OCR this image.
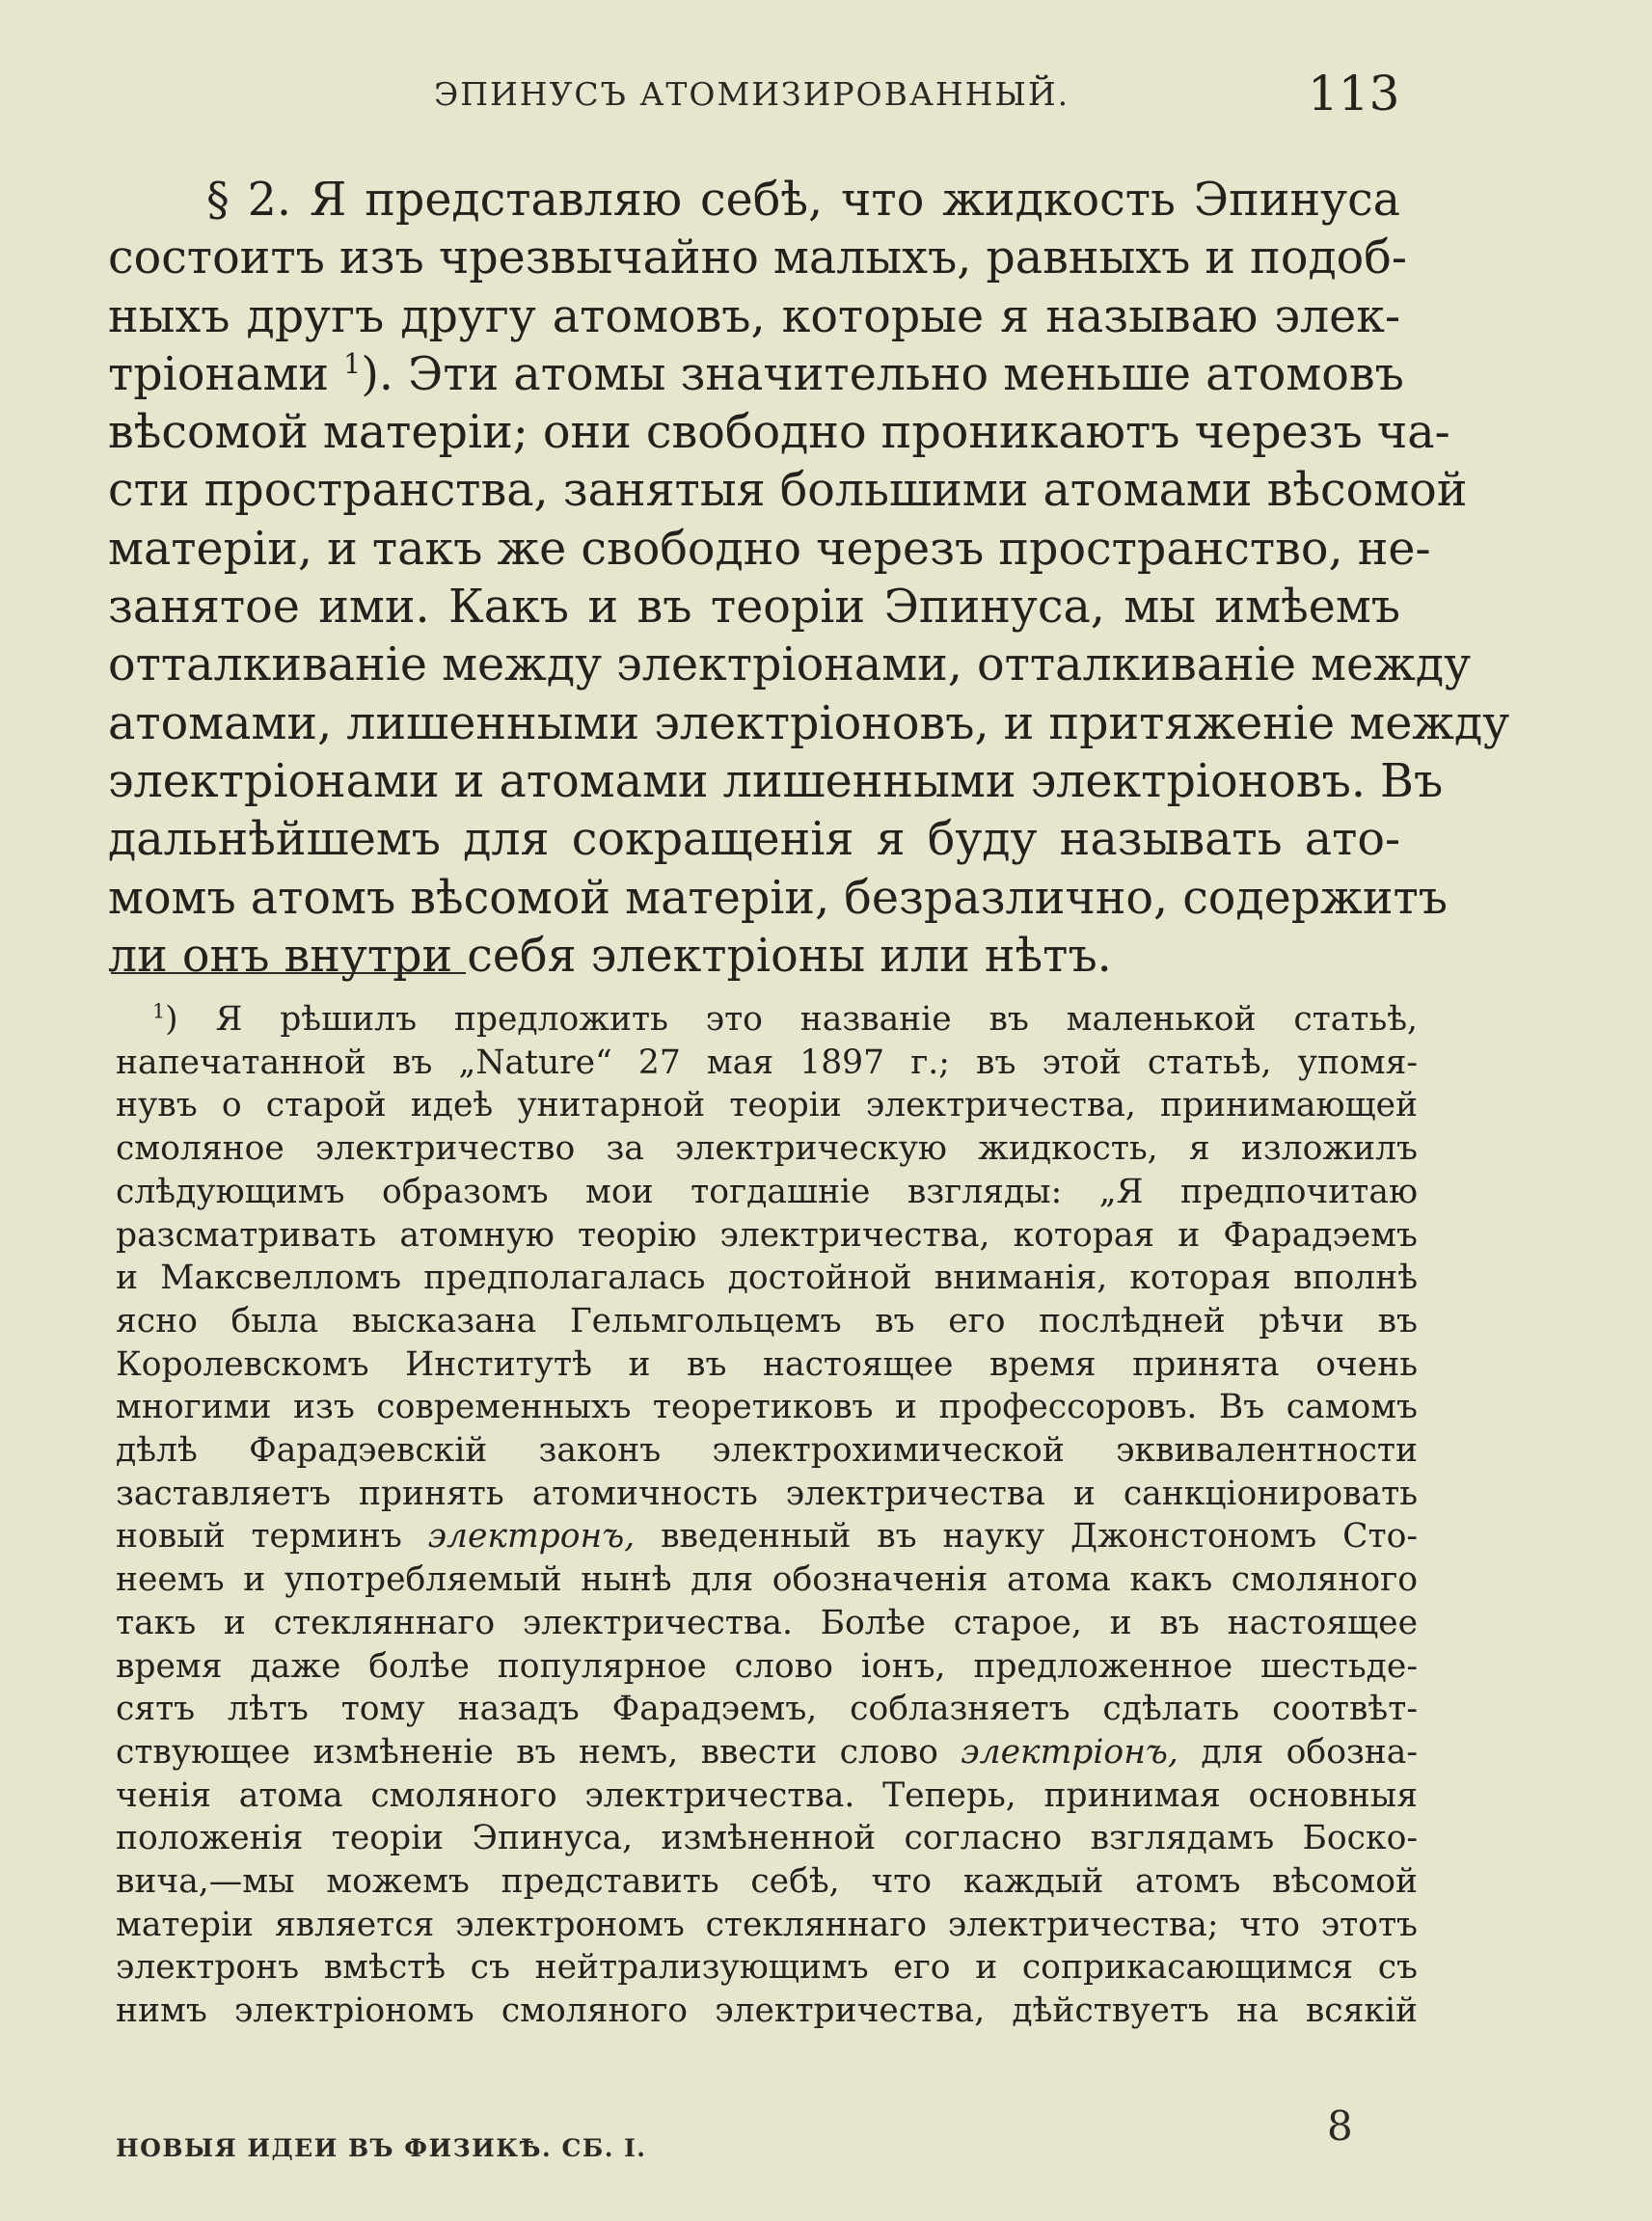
ЭПИНУСЪ АТОМИЗИРОВАННЫЙ.	113
§ 2. Я представляю себѣ, что жидкость Эпинуса
состоитъ изъ чрезвычайно малыхъ, равныхъ и подоб-
ныхъ другъ другу атомовъ, которые я называю элек-
тріонами $^1$). Эти атомы значительно меньше атомовъ
вѣсомой матеріи; они свободно проникаютъ черезъ ча-
сти пространства, занятыя большими атомами вѣсомой
матеріи, и такъ же свободно черезъ пространство, не-
занятое ими. Какъ и въ теоріи Эпинуса, мы имѣемъ
отталкиваніе между электріонами, отталкиваніе между
атомами, лишенными электріоновъ, и притяженіе между
электріонами и атомами лишенными электріоновъ. Въ
дальнѣйшемъ для сокращенія я буду называть ато-
момъ атомъ вѣсомой матеріи, безразлично, содержитъ
ли онъ внутри себя электріоны или нѣтъ.
$^1$) Я рѣшилъ предложить это названіе въ маленькой статьѣ,
напечатанной въ „Nature“ 27 мая 1897 г.; въ этой статьѣ, упомя-
нувъ о старой идеѣ унитарной теоріи электричества, принимающей
смоляное электричество за электрическую жидкость, я изложилъ
слѣдующимъ образомъ мои тогдашніе взгляды: „Я предпочитаю
разсматривать атомную теорію электричества, которая и Фарадэемъ
и Максвелломъ предполагалась достойной вниманія, которая вполнѣ
ясно была высказана Гельмгольцемъ въ его послѣдней рѣчи въ
Королевскомъ Институтѣ и въ настоящее время принята очень
многими изъ современныхъ теоретиковъ и профессоровъ. Въ самомъ
дѣлѣ Фарадэевскій законъ электрохимической эквивалентности
заставляетъ принять атомичность электричества и санкціонировать
новый терминъ электронъ, введенный въ науку Джонстономъ Сто-
неемъ и употребляемый нынѣ для обозначенія атома какъ смоляного
такъ и стекляннаго электричества. Болѣе старое, и въ настоящее
время даже болѣе популярное слово іонъ, предложенное шестьде-
сятъ лѣтъ тому назадъ Фарадэемъ, соблазняетъ сдѣлать соотвѣт-
ствующее измѣненіе въ немъ, ввести слово электріонъ, для обозна-
ченія атома смоляного электричества. Теперь, принимая основныя
положенія теоріи Эпинуса, измѣненной согласно взглядамъ Боско-
вича,—мы можемъ представить себѣ, что каждый атомъ вѣсомой
матеріи является электрономъ стекляннаго электричества; что этотъ
электронъ вмѣстѣ съ нейтрализующимъ его и соприкасающимся съ
нимъ электріономъ смоляного электричества, дѣйствуетъ на всякій
НОВЫЯ ИДЕИ ВЪ ФИЗИКѢ. СБ. I.	8
